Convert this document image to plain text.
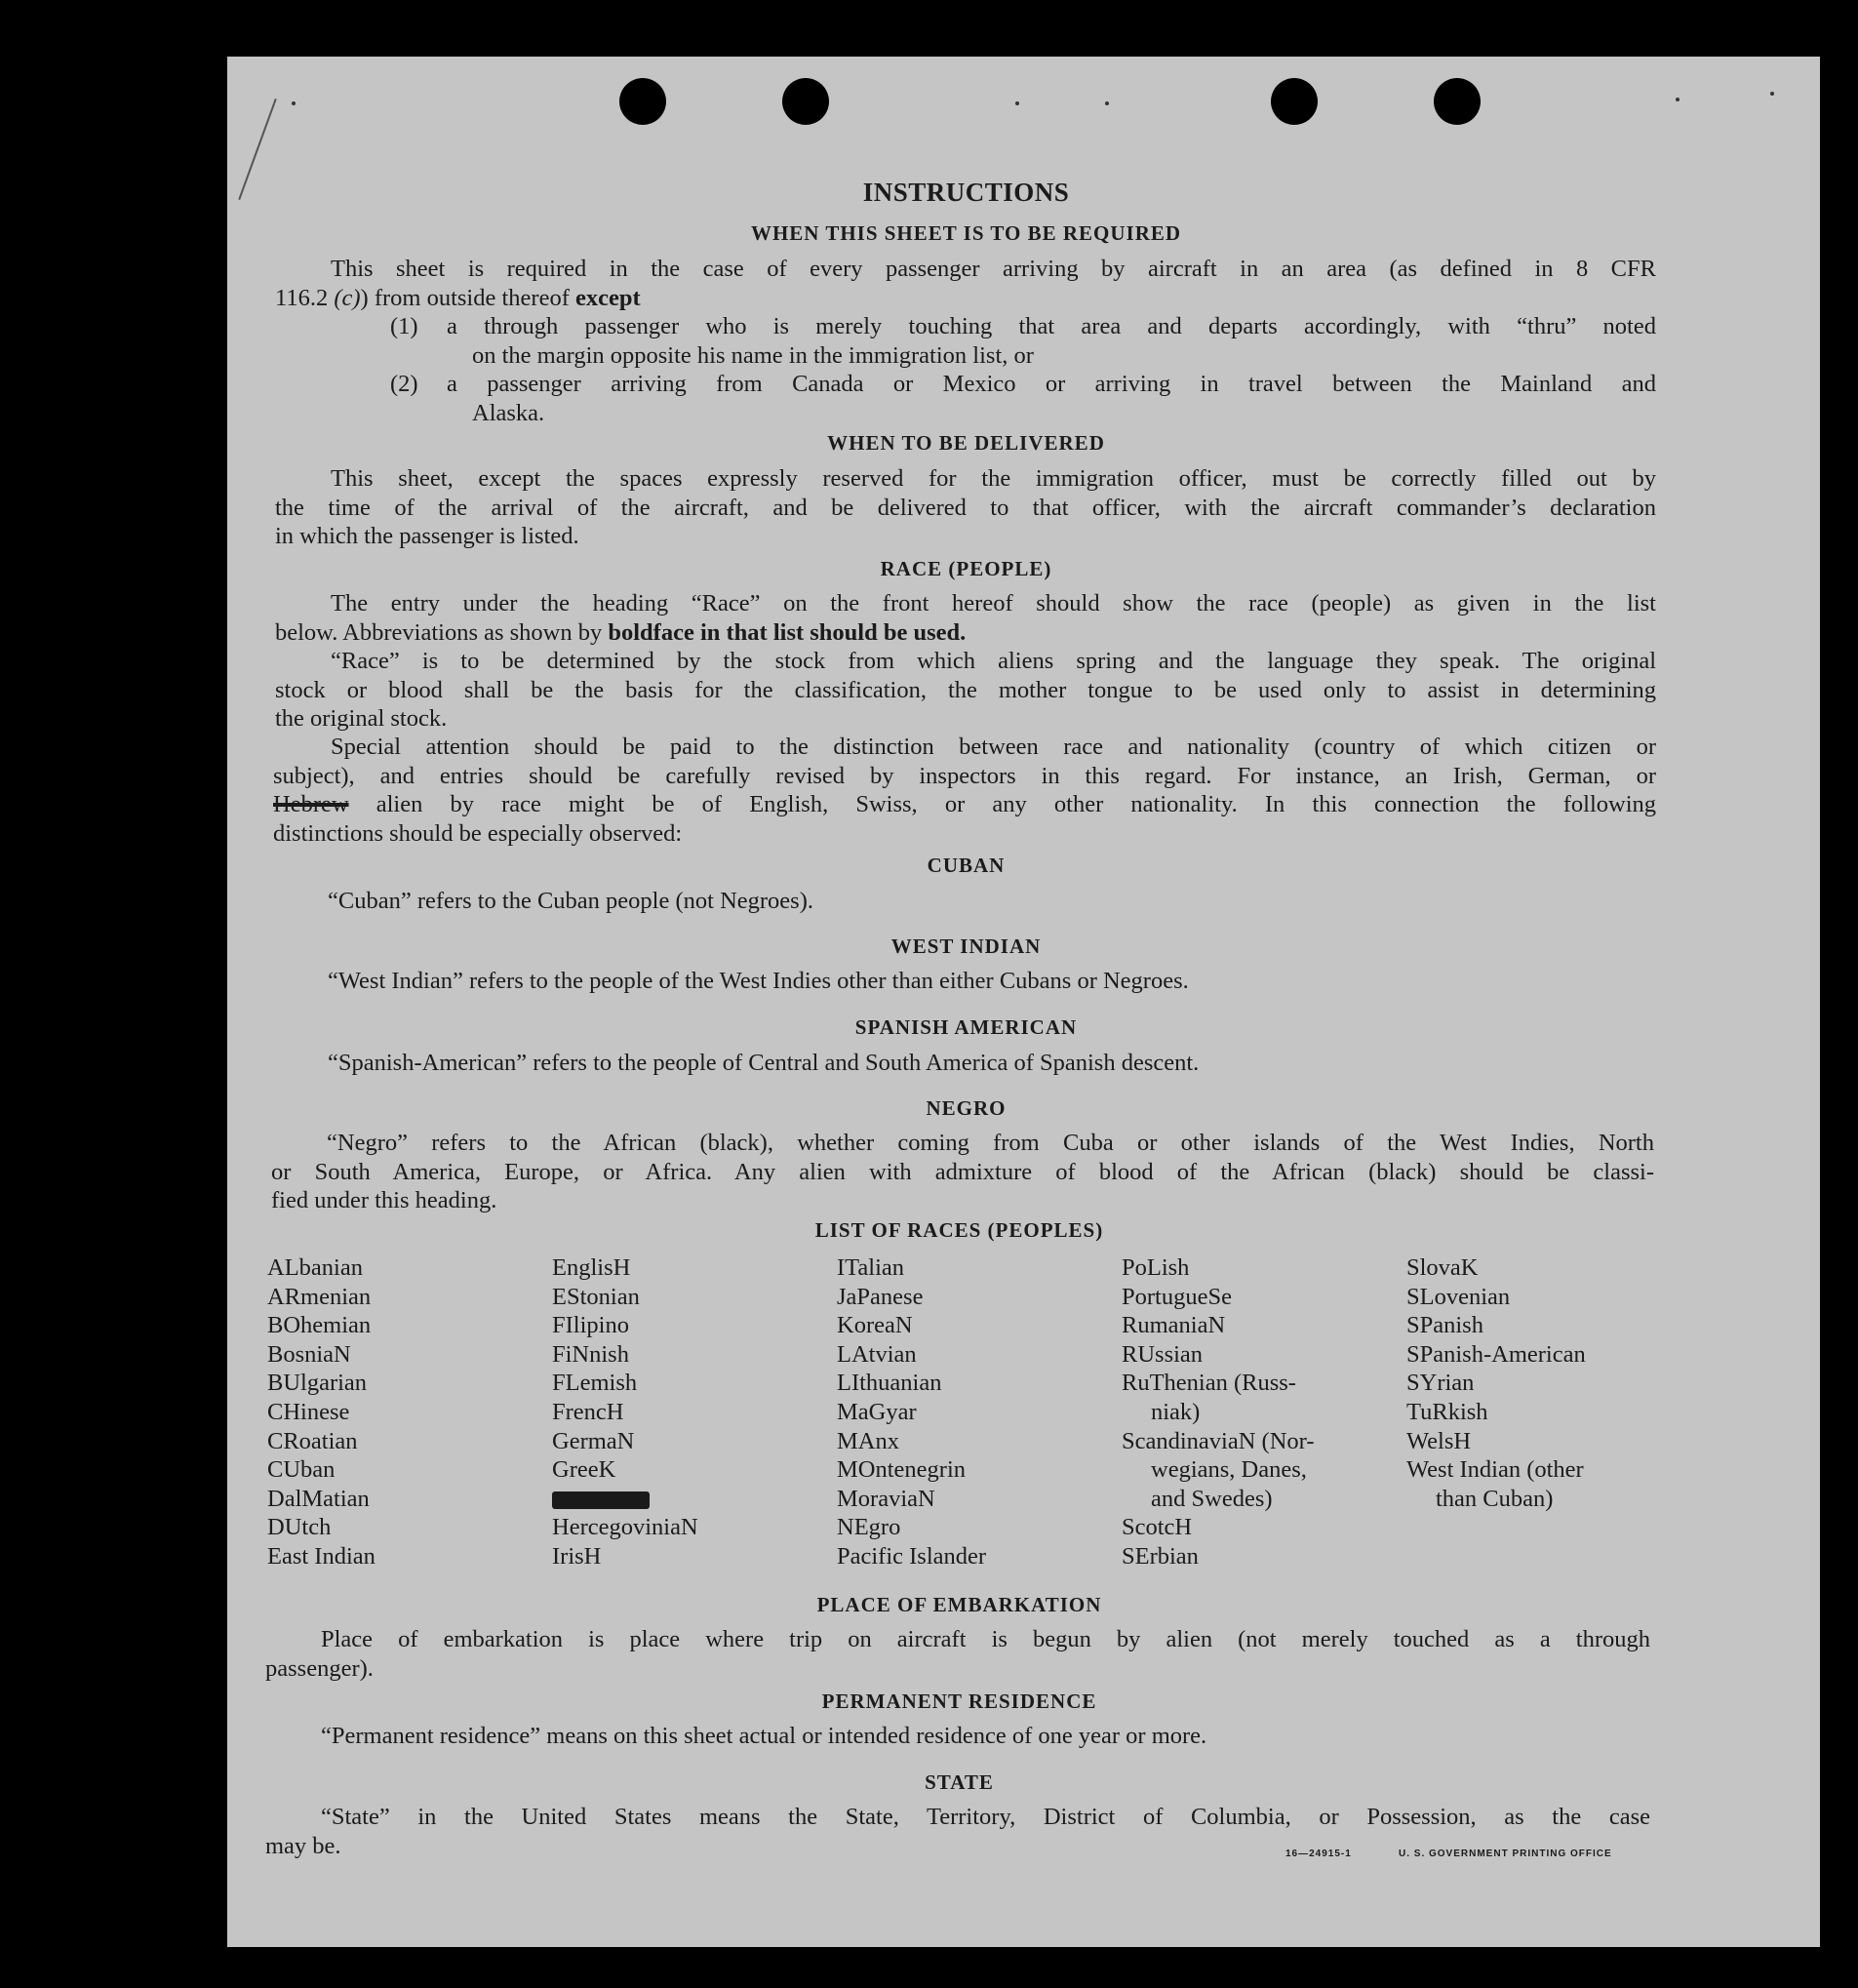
INSTRUCTIONS
WHEN THIS SHEET IS TO BE REQUIRED
This sheet is required in the case of every passenger arriving by aircraft in an area (as defined in 8 CFR
116.2 (c)) from outside thereof except
(1) a through passenger who is merely touching that area and departs accordingly, with “thru” noted
on the margin opposite his name in the immigration list, or
(2) a passenger arriving from Canada or Mexico or arriving in travel between the Mainland and
Alaska.
WHEN TO BE DELIVERED
This sheet, except the spaces expressly reserved for the immigration officer, must be correctly filled out by
the time of the arrival of the aircraft, and be delivered to that officer, with the aircraft commander’s declaration
in which the passenger is listed.
RACE (PEOPLE)
The entry under the heading “Race” on the front hereof should show the race (people) as given in the list
below. Abbreviations as shown by boldface in that list should be used.
“Race” is to be determined by the stock from which aliens spring and the language they speak. The original
stock or blood shall be the basis for the classification, the mother tongue to be used only to assist in determining
the original stock.
Special attention should be paid to the distinction between race and nationality (country of which citizen or
subject), and entries should be carefully revised by inspectors in this regard. For instance, an Irish, German, or
Hebrew alien by race might be of English, Swiss, or any other nationality. In this connection the following
distinctions should be especially observed:
CUBAN
“Cuban” refers to the Cuban people (not Negroes).
WEST INDIAN
“West Indian” refers to the people of the West Indies other than either Cubans or Negroes.
SPANISH AMERICAN
“Spanish-American” refers to the people of Central and South America of Spanish descent.
NEGRO
“Negro” refers to the African (black), whether coming from Cuba or other islands of the West Indies, North
or South America, Europe, or Africa. Any alien with admixture of blood of the African (black) should be classi-
fied under this heading.
LIST OF RACES (PEOPLES)
ALbanian
ARmenian
BOhemian
BosniaN
BUlgarian
CHinese
CRoatian
CUban
DalMatian
DUtch
East Indian
EnglisH
EStonian
FIlipino
FiNnish
FLemish
FrencH
GermaN
GreeK
HercegoviniaN
IrisH
ITalian
JaPanese
KoreaN
LAtvian
LIthuanian
MaGyar
MAnx
MOntenegrin
MoraviaN
NEgro
Pacific Islander
PoLish
PortugueSe
RumaniaN
RUssian
RuThenian (Russ-
niak)
ScandinaviaN (Nor-
wegians, Danes,
and Swedes)
ScotcH
SErbian
SlovaK
SLovenian
SPanish
SPanish-American
SYrian
TuRkish
WelsH
West Indian (other
than Cuban)
PLACE OF EMBARKATION
Place of embarkation is place where trip on aircraft is begun by alien (not merely touched as a through
passenger).
PERMANENT RESIDENCE
“Permanent residence” means on this sheet actual or intended residence of one year or more.
STATE
“State” in the United States means the State, Territory, District of Columbia, or Possession, as the case
may be.	16—24915-1	U. S. GOVERNMENT PRINTING OFFICE
